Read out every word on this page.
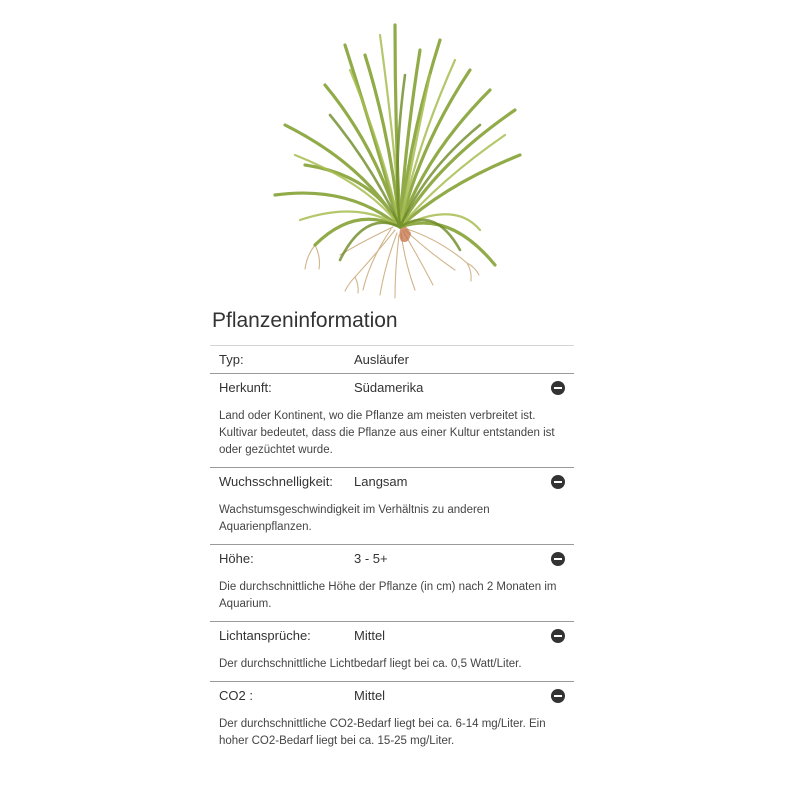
Pflanzeninformation
Typ:	Ausläufer
Herkunft:	Südamerika
Land oder Kontinent, wo die Pflanze am meisten verbreitet ist. Kultivar bedeutet, dass die Pflanze aus einer Kultur entstanden ist oder gezüchtet wurde.
Wuchsschnelligkeit:	Langsam
Wachstumsgeschwindigkeit im Verhältnis zu anderen Aquarienpflanzen.
Höhe:	3 - 5+
Die durchschnittliche Höhe der Pflanze (in cm) nach 2 Monaten im Aquarium.
Lichtansprüche:	Mittel
Der durchschnittliche Lichtbedarf liegt bei ca. 0,5 Watt/Liter.
CO2 :	Mittel
Der durchschnittliche CO2-Bedarf liegt bei ca. 6-14 mg/Liter. Ein hoher CO2-Bedarf liegt bei ca. 15-25 mg/Liter.
